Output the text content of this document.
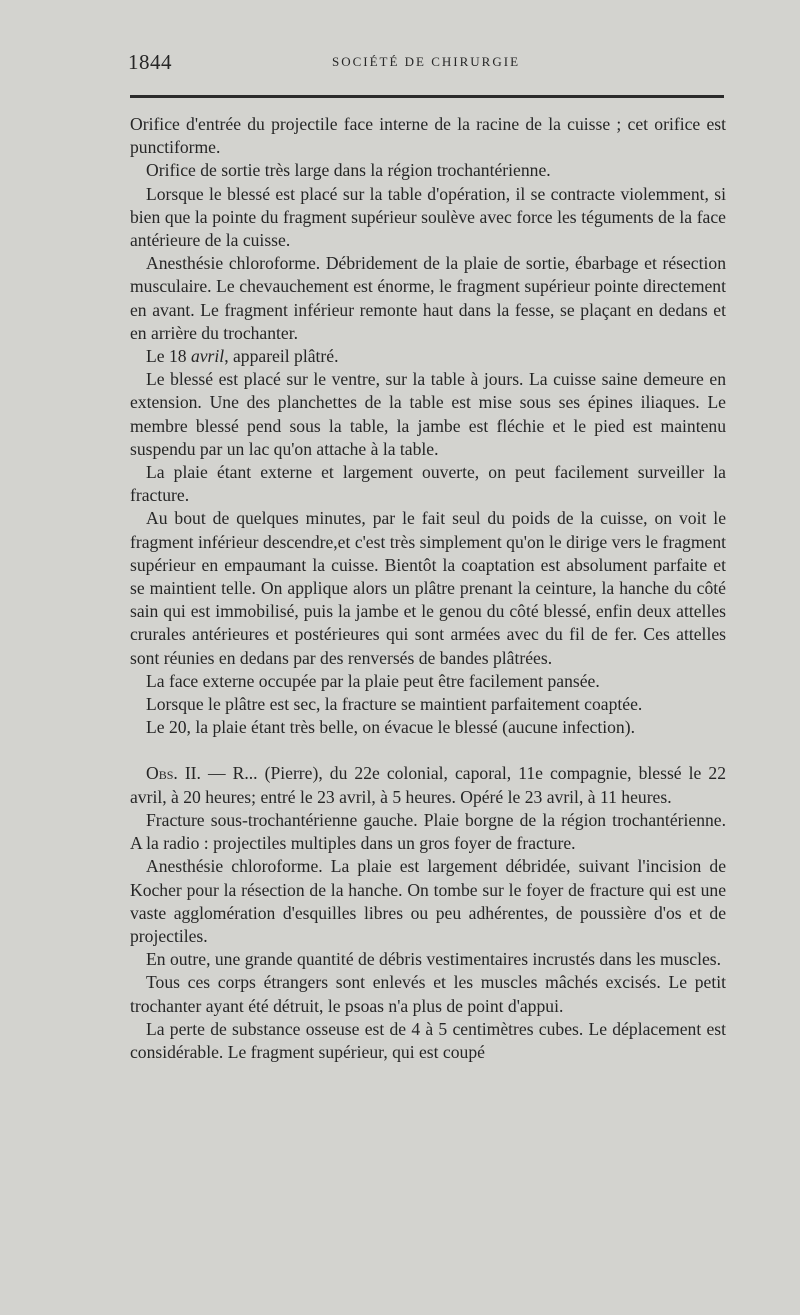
1844	SOCIÉTÉ DE CHIRURGIE

Orifice d'entrée du projectile face interne de la racine de la cuisse ; cet orifice est punctiforme.

Orifice de sortie très large dans la région trochantérienne.

Lorsque le blessé est placé sur la table d'opération, il se contracte violemment, si bien que la pointe du fragment supérieur soulève avec force les téguments de la face antérieure de la cuisse.

Anesthésie chloroforme. Débridement de la plaie de sortie, ébarbage et résection musculaire. Le chevauchement est énorme, le fragment supérieur pointe directement en avant. Le fragment inférieur remonte haut dans la fesse, se plaçant en dedans et en arrière du trochanter.

Le 18 avril, appareil plâtré.

Le blessé est placé sur le ventre, sur la table à jours. La cuisse saine demeure en extension. Une des planchettes de la table est mise sous ses épines iliaques. Le membre blessé pend sous la table, la jambe est fléchie et le pied est maintenu suspendu par un lac qu'on attache à la table.

La plaie étant externe et largement ouverte, on peut facilement surveiller la fracture.

Au bout de quelques minutes, par le fait seul du poids de la cuisse, on voit le fragment inférieur descendre,et c'est très simplement qu'on le dirige vers le fragment supérieur en empaumant la cuisse. Bientôt la coaptation est absolument parfaite et se maintient telle. On applique alors un plâtre prenant la ceinture, la hanche du côté sain qui est immobilisé, puis la jambe et le genou du côté blessé, enfin deux attelles crurales antérieures et postérieures qui sont armées avec du fil de fer. Ces attelles sont réunies en dedans par des renversés de bandes plâtrées.

La face externe occupée par la plaie peut être facilement pansée.

Lorsque le plâtre est sec, la fracture se maintient parfaitement coaptée.

Le 20, la plaie étant très belle, on évacue le blessé (aucune infection).

Obs. II. — R... (Pierre), du 22e colonial, caporal, 11e compagnie, blessé le 22 avril, à 20 heures; entré le 23 avril, à 5 heures. Opéré le 23 avril, à 11 heures.

Fracture sous-trochantérienne gauche. Plaie borgne de la région trochantérienne. A la radio : projectiles multiples dans un gros foyer de fracture.

Anesthésie chloroforme. La plaie est largement débridée, suivant l'incision de Kocher pour la résection de la hanche. On tombe sur le foyer de fracture qui est une vaste agglomération d'esquilles libres ou peu adhérentes, de poussière d'os et de projectiles.

En outre, une grande quantité de débris vestimentaires incrustés dans les muscles.

Tous ces corps étrangers sont enlevés et les muscles mâchés excisés. Le petit trochanter ayant été détruit, le psoas n'a plus de point d'appui.

La perte de substance osseuse est de 4 à 5 centimètres cubes. Le déplacement est considérable. Le fragment supérieur, qui est coupé
